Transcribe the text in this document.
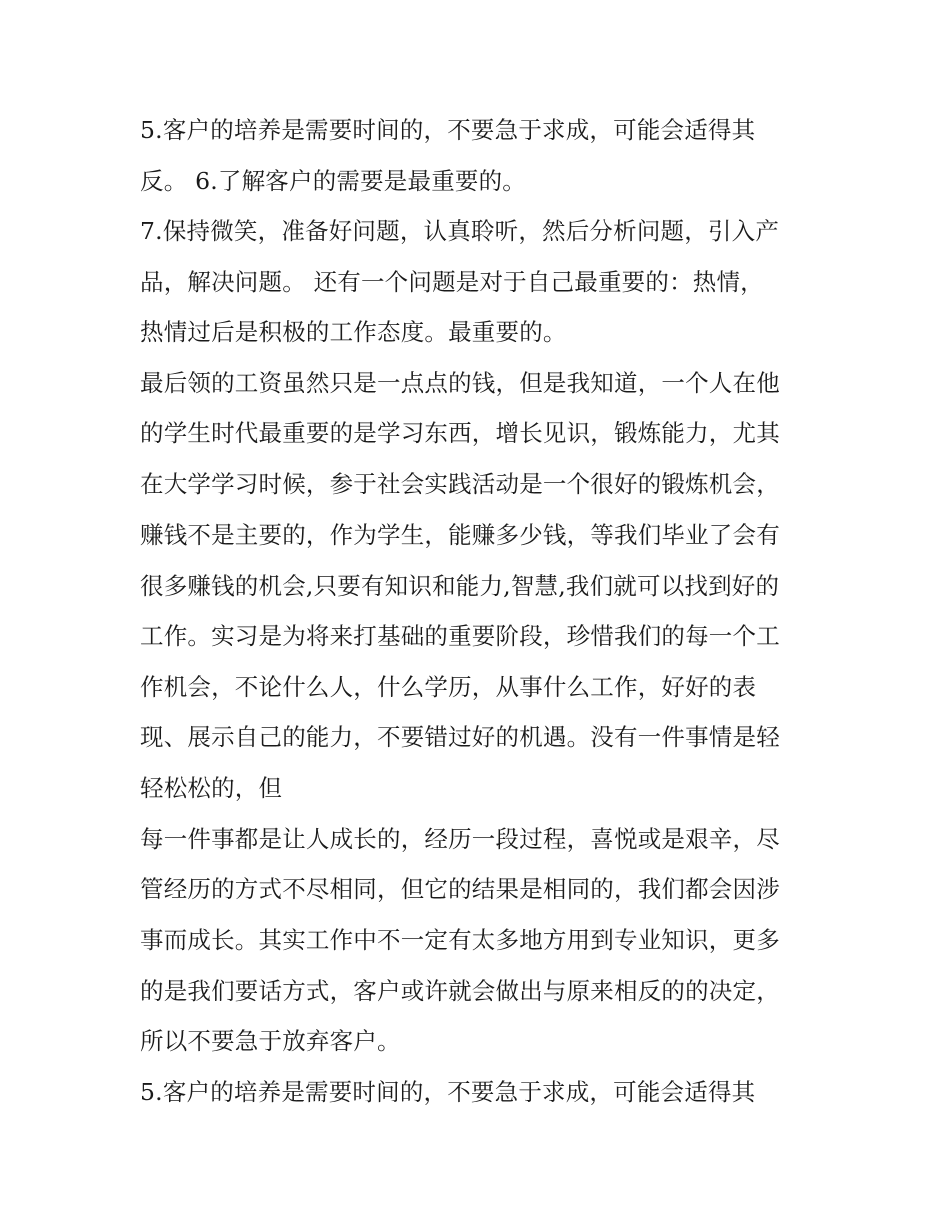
5.客户的培养是需要时间的，不要急于求成，可能会适得其
反。 6.了解客户的需要是最重要的。
7.保持微笑，准备好问题，认真聆听，然后分析问题，引入产
品，解决问题。 还有一个问题是对于自己最重要的：热情，
热情过后是积极的工作态度。最重要的。
最后领的工资虽然只是一点点的钱，但是我知道，一个人在他
的学生时代最重要的是学习东西，增长见识，锻炼能力，尤其
在大学学习时候，参于社会实践活动是一个很好的锻炼机会，
赚钱不是主要的，作为学生，能赚多少钱，等我们毕业了会有
很多赚钱的机会,只要有知识和能力,智慧,我们就可以找到好的
工作。实习是为将来打基础的重要阶段，珍惜我们的每一个工
作机会，不论什么人，什么学历，从事什么工作，好好的表
现、展示自己的能力，不要错过好的机遇。没有一件事情是轻
轻松松的，但
每一件事都是让人成长的，经历一段过程，喜悦或是艰辛，尽
管经历的方式不尽相同，但它的结果是相同的，我们都会因涉
事而成长。其实工作中不一定有太多地方用到专业知识，更多
的是我们要话方式，客户或许就会做出与原来相反的的决定，
所以不要急于放弃客户。
5.客户的培养是需要时间的，不要急于求成，可能会适得其
